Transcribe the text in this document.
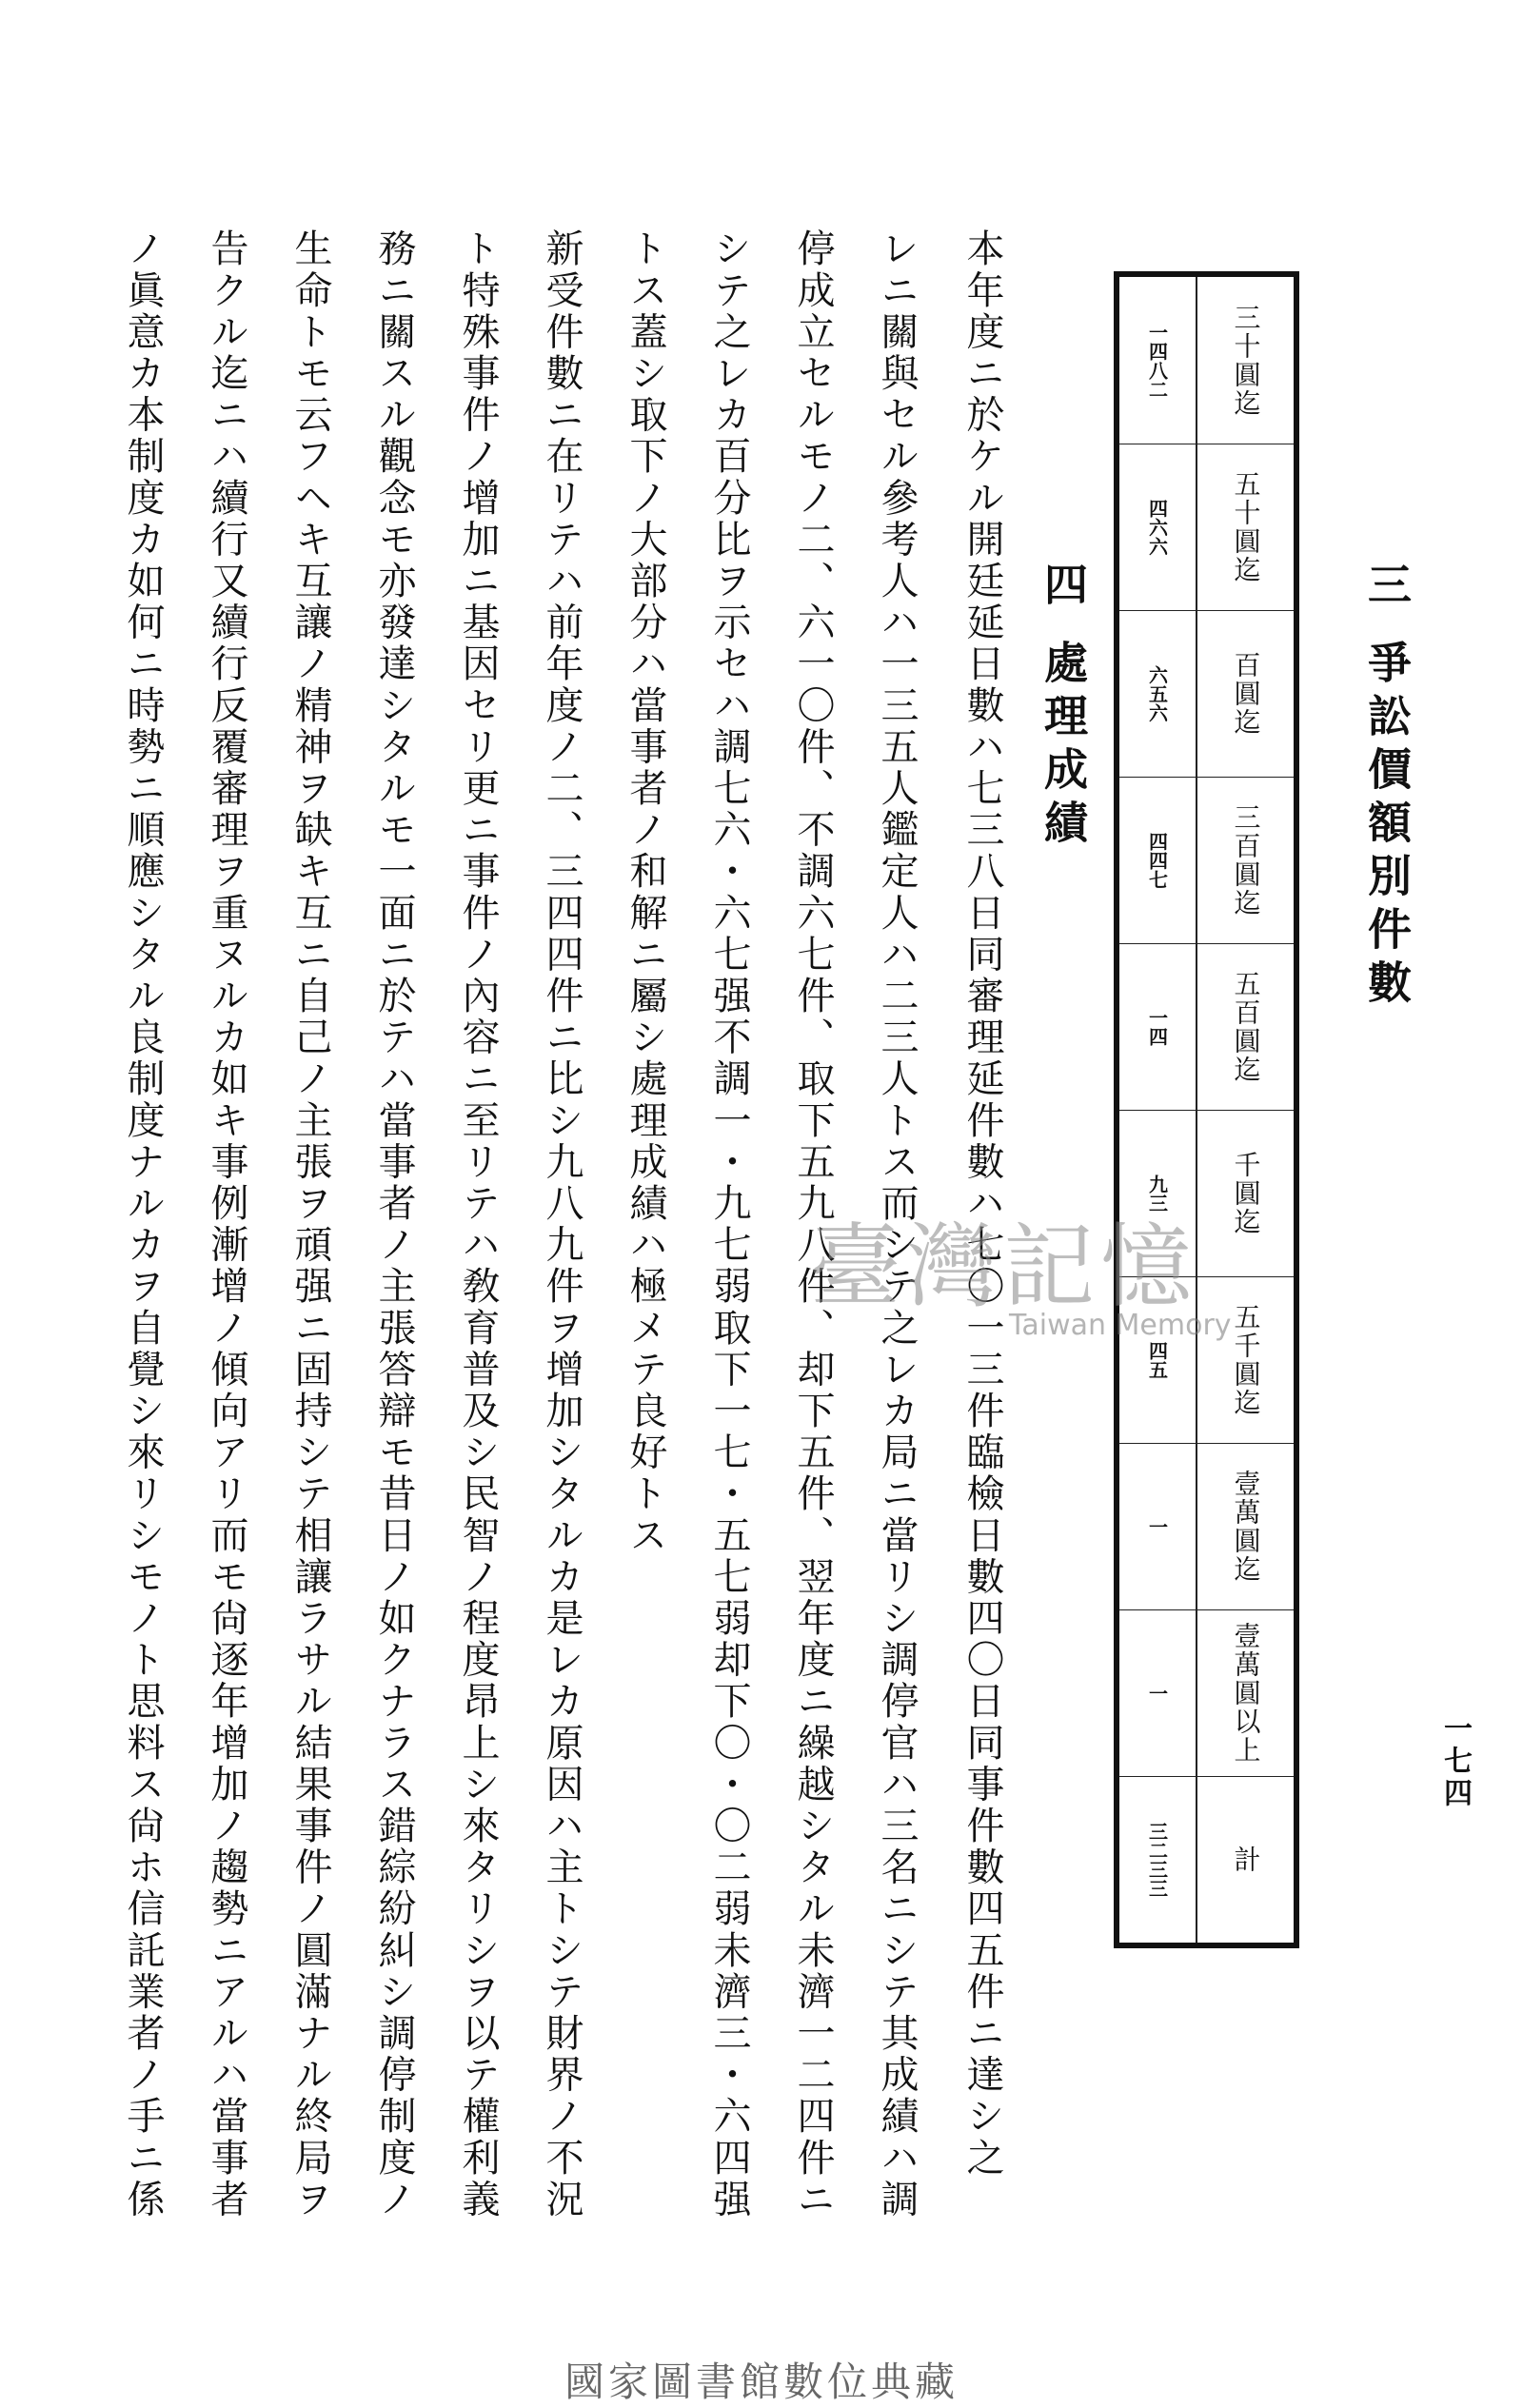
三爭訟價額別件數
三十圓迄
一四八二
五十圓迄
四六六
百圓迄
六五六
三百圓迄
四四七
五百圓迄
一四
千圓迄
九三
五千圓迄
四五
壹萬圓迄
一
壹萬圓以上
一
計
三二三三
四處理成績
本年度ニ於ケル開廷延日數ハ七三八日同審理延件數ハ七〇一三件臨檢日數四〇日同事件數四五件ニ達シ之
レニ關與セル參考人ハ一三五人鑑定人ハ二三人トス而シテ之レカ局ニ當リシ調停官ハ三名ニシテ其成績ハ調
停成立セルモノ二、六一〇件、不調六七件、取下五九八件、却下五件、翌年度ニ繰越シタル未濟一二四件ニ
シテ之レカ百分比ヲ示セハ調七六・六七强不調一・九七弱取下一七・五七弱却下〇・〇二弱未濟三・六四强
トス蓋シ取下ノ大部分ハ當事者ノ和解ニ屬シ處理成績ハ極メテ良好トス
新受件數ニ在リテハ前年度ノ二、三四四件ニ比シ九八九件ヲ增加シタルカ是レカ原因ハ主トシテ財界ノ不況
ト特殊事件ノ增加ニ基因セリ更ニ事件ノ內容ニ至リテハ敎育普及シ民智ノ程度昂上シ來タリシヲ以テ權利義
務ニ關スル觀念モ亦發達シタルモ一面ニ於テハ當事者ノ主張答辯モ昔日ノ如クナラス錯綜紛糾シ調停制度ノ
生命トモ云フヘキ互讓ノ精神ヲ缺キ互ニ自己ノ主張ヲ頑强ニ固持シテ相讓ラサル結果事件ノ圓滿ナル終局ヲ
告クル迄ニハ續行又續行反覆審理ヲ重ヌルカ如キ事例漸增ノ傾向アリ而モ尙逐年增加ノ趨勢ニアルハ當事者
ノ眞意カ本制度カ如何ニ時勢ニ順應シタル良制度ナルカヲ自覺シ來リシモノト思料ス尙ホ信託業者ノ手ニ係	一七四
臺灣記憶
Taiwan Memory
國家圖書館數位典藏
